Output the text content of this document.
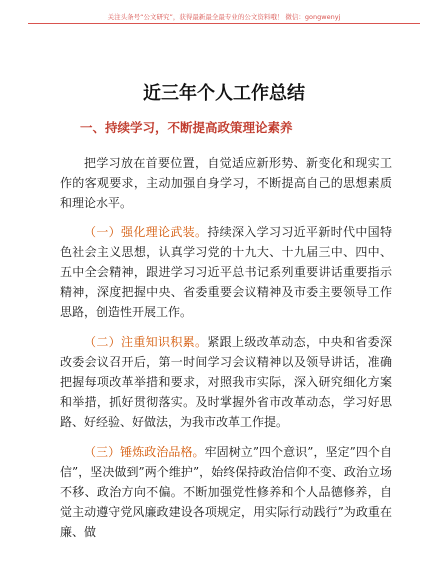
关注头条号“公文研究”，获得最新最全最专业的公文资料哦！ 微信：gongwenyj
近三年个人工作总结
一、持续学习，不断提高政策理论素养

把学习放在首要位置，自觉适应新形势、新变化和现实工作的客观要求，主动加强自身学习，不断提高自己的思想素质和理论水平。

（一）强化理论武装。持续深入学习习近平新时代中国特色社会主义思想，认真学习党的十九大、十九届三中、四中、五中全会精神，跟进学习习近平总书记系列重要讲话重要指示精神，深度把握中央、省委重要会议精神及市委主要领导工作思路，创造性开展工作。

（二）注重知识积累。紧跟上级改革动态，中央和省委深改委会议召开后，第一时间学习会议精神以及领导讲话，准确把握每项改革举措和要求，对照我市实际，深入研究细化方案和举措，抓好贯彻落实。及时掌握外省市改革动态，学习好思路、好经验、好做法，为我市改革工作提。

（三）锤炼政治品格。牢固树立”四个意识”，坚定”四个自信”，坚决做到”两个维护”，始终保持政治信仰不变、政治立场不移、政治方向不偏。不断加强党性修养和个人品德修养，自觉主动遵守党风廉政建设各项规定，用实际行动践行”为政重在廉、做
